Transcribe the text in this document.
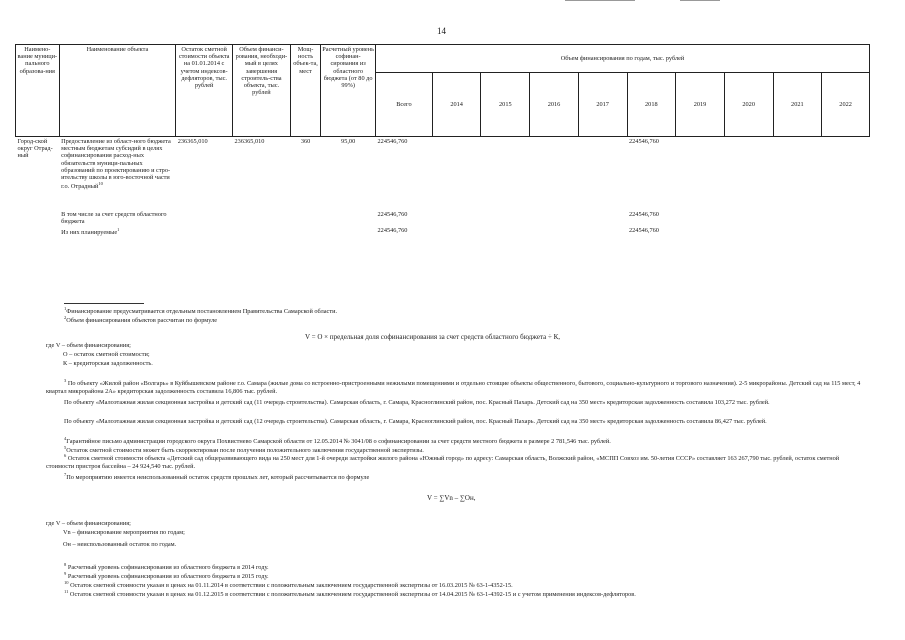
14
Наимено-вание муници-пального образова-ния	Наименование объекта	Остаток сметной стоимости объекта на 01.01.2014 с учетом индексов-дефляторов, тыс. рублей	Объем финанси-рования, необходи-мый в целях завершения строитель-ства объекта, тыс. рублей	Мощ-ность объек-та, мест	Расчетный уровень софинан-сирования из областного бюджета (от 80 до 99%)	Объем финансирования по годам, тыс. рублей									
						Всего	2014	2015	2016	2017	2018	2019	2020	2021	2022
Город-ской округ Отрад-ный	Предоставление из област-ного бюджета местным бюджетам субсидий в целях софинансирования расход-ных обязательств муници-пальных образований по проектированию и стро-ительству школы в юго-восточной части г.о. Отрадный$^{10}$	236365,010	236365,010	360	95,00	224546,760					224546,760				

	В том числе за счет средств областного бюджета					224546,760					224546,760				
	Из них планируемые$^1$					224546,760					224546,760				
$^1$Финансирование предусматривается отдельным постановлением Правительства Самарской области.
$^2$Объем финансирования объектов рассчитан по формуле
V = О × предельная доля софинансирования за счет средств областного бюджета ÷ К,
где V – объем финансирования;
О – остаток сметной стоимости;
К – кредиторская задолженность.
$^3$ По объекту «Жилой район «Волгарь» в Куйбышевском районе г.о. Самара (жилые дома со встроенно-пристроенными нежилыми помещениями и отдельно стоящие объекты общественного, бытового, социально-культурного и торгового назначения). 2-5 микрорайоны. Детский сад на 115 мест, 4 квартал микрорайона 2А» кредиторская задолженность составила 16,806 тыс. рублей.
По объекту «Малоэтажная жилая секционная застройка и детский сад (11 очередь строительства). Самарская область, г. Самара, Красноглинский район, пос. Красный Пахарь. Детский сад на 350 мест» кредиторская задолженность составила 103,272 тыс. рублей.
По объекту «Малоэтажная жилая секционная застройка и детский сад (12 очередь строительства). Самарская область, г. Самара, Красноглинский район, пос. Красный Пахарь. Детский сад на 350 мест» кредиторская задолженность составила 86,427 тыс. рублей.
$^4$Гарантийное письмо администрации городского округа Похвистнево Самарской области от 12.05.2014 № 3041/08 о софинансировании за счет средств местного бюджета в размере 2 781,546 тыс. рублей.
$^5$Остаток сметной стоимости может быть скорректирован после получения положительного заключения государственной экспертизы.
$^6$ Остаток сметной стоимости объекта «Детский сад общеразвивающего вида на 250 мест для 1-й очереди застройки жилого района «Южный город» по адресу: Самарская область, Волжский район, «МСПП Совхоз им. 50-летия СССР» составляет 163 267,790 тыс. рублей, остаток сметной стоимости пристроя бассейна – 24 924,540 тыс. рублей.
$^7$По мероприятию имеется неиспользованный остаток средств прошлых лет, который рассчитывается по формуле
V = ∑Vn – ∑Oн,
где V – объем финансирования;
Vn – финансирование мероприятия по годам;
Oн – неиспользованный остаток по годам.
$^8$ Расчетный уровень софинансирования из областного бюджета в 2014 году.
$^9$ Расчетный уровень софинансирования из областного бюджета в 2015 году.
$^{10}$ Остаток сметной стоимости указан в ценах на 01.11.2014 в соответствии с положительным заключением государственной экспертизы от 16.03.2015 № 63-1-4352-15.
$^{11}$ Остаток сметной стоимости указан в ценах на 01.12.2015 в соответствии с положительным заключением государственной экспертизы от 14.04.2015 № 63-1-4392-15 и с учетом применения индексов-дефляторов.
